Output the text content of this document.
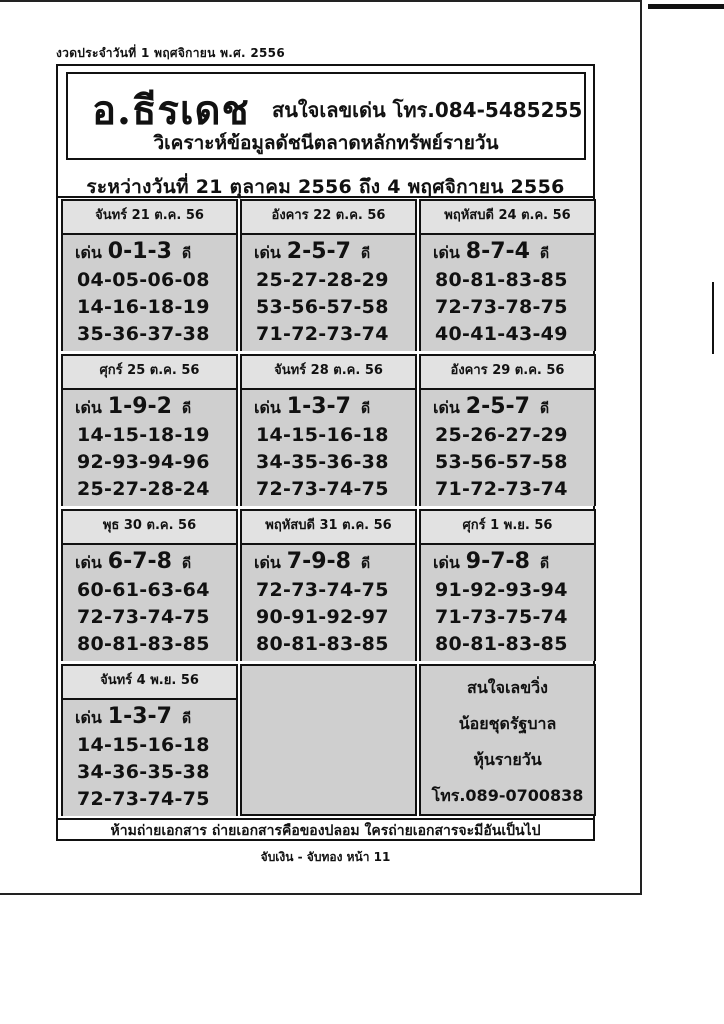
งวดประจำวันที่ 1 พฤศจิกายน พ.ศ. 2556
อ.ธีรเดช สนใจเลขเด่น โทร.084-5485255
วิเคราะห์ข้อมูลดัชนีตลาดหลักทรัพย์รายวัน
ระหว่างวันที่ 21 ตุลาคม 2556 ถึง 4 พฤศจิกายน 2556
จันทร์ 21 ต.ค. 56
เด่น 0-1-3 ดี
04-05-06-08
14-16-18-19
35-36-37-38
อังคาร 22 ต.ค. 56
เด่น 2-5-7 ดี
25-27-28-29
53-56-57-58
71-72-73-74
พฤหัสบดี 24 ต.ค. 56
เด่น 8-7-4 ดี
80-81-83-85
72-73-78-75
40-41-43-49
ศุกร์ 25 ต.ค. 56
เด่น 1-9-2 ดี
14-15-18-19
92-93-94-96
25-27-28-24
จันทร์ 28 ต.ค. 56
เด่น 1-3-7 ดี
14-15-16-18
34-35-36-38
72-73-74-75
อังคาร 29 ต.ค. 56
เด่น 2-5-7 ดี
25-26-27-29
53-56-57-58
71-72-73-74
พุธ 30 ต.ค. 56
เด่น 6-7-8 ดี
60-61-63-64
72-73-74-75
80-81-83-85
พฤหัสบดี 31 ต.ค. 56
เด่น 7-9-8 ดี
72-73-74-75
90-91-92-97
80-81-83-85
ศุกร์ 1 พ.ย. 56
เด่น 9-7-8 ดี
91-92-93-94
71-73-75-74
80-81-83-85
จันทร์ 4 พ.ย. 56
เด่น 1-3-7 ดี
14-15-16-18
34-36-35-38
72-73-74-75
สนใจเลขวิ่ง
น้อยชุดรัฐบาล
หุ้นรายวัน
โทร.089-0700838
ห้ามถ่ายเอกสาร ถ่ายเอกสารคือของปลอม ใครถ่ายเอกสารจะมีอันเป็นไป
จับเงิน - จับทอง หน้า 11
